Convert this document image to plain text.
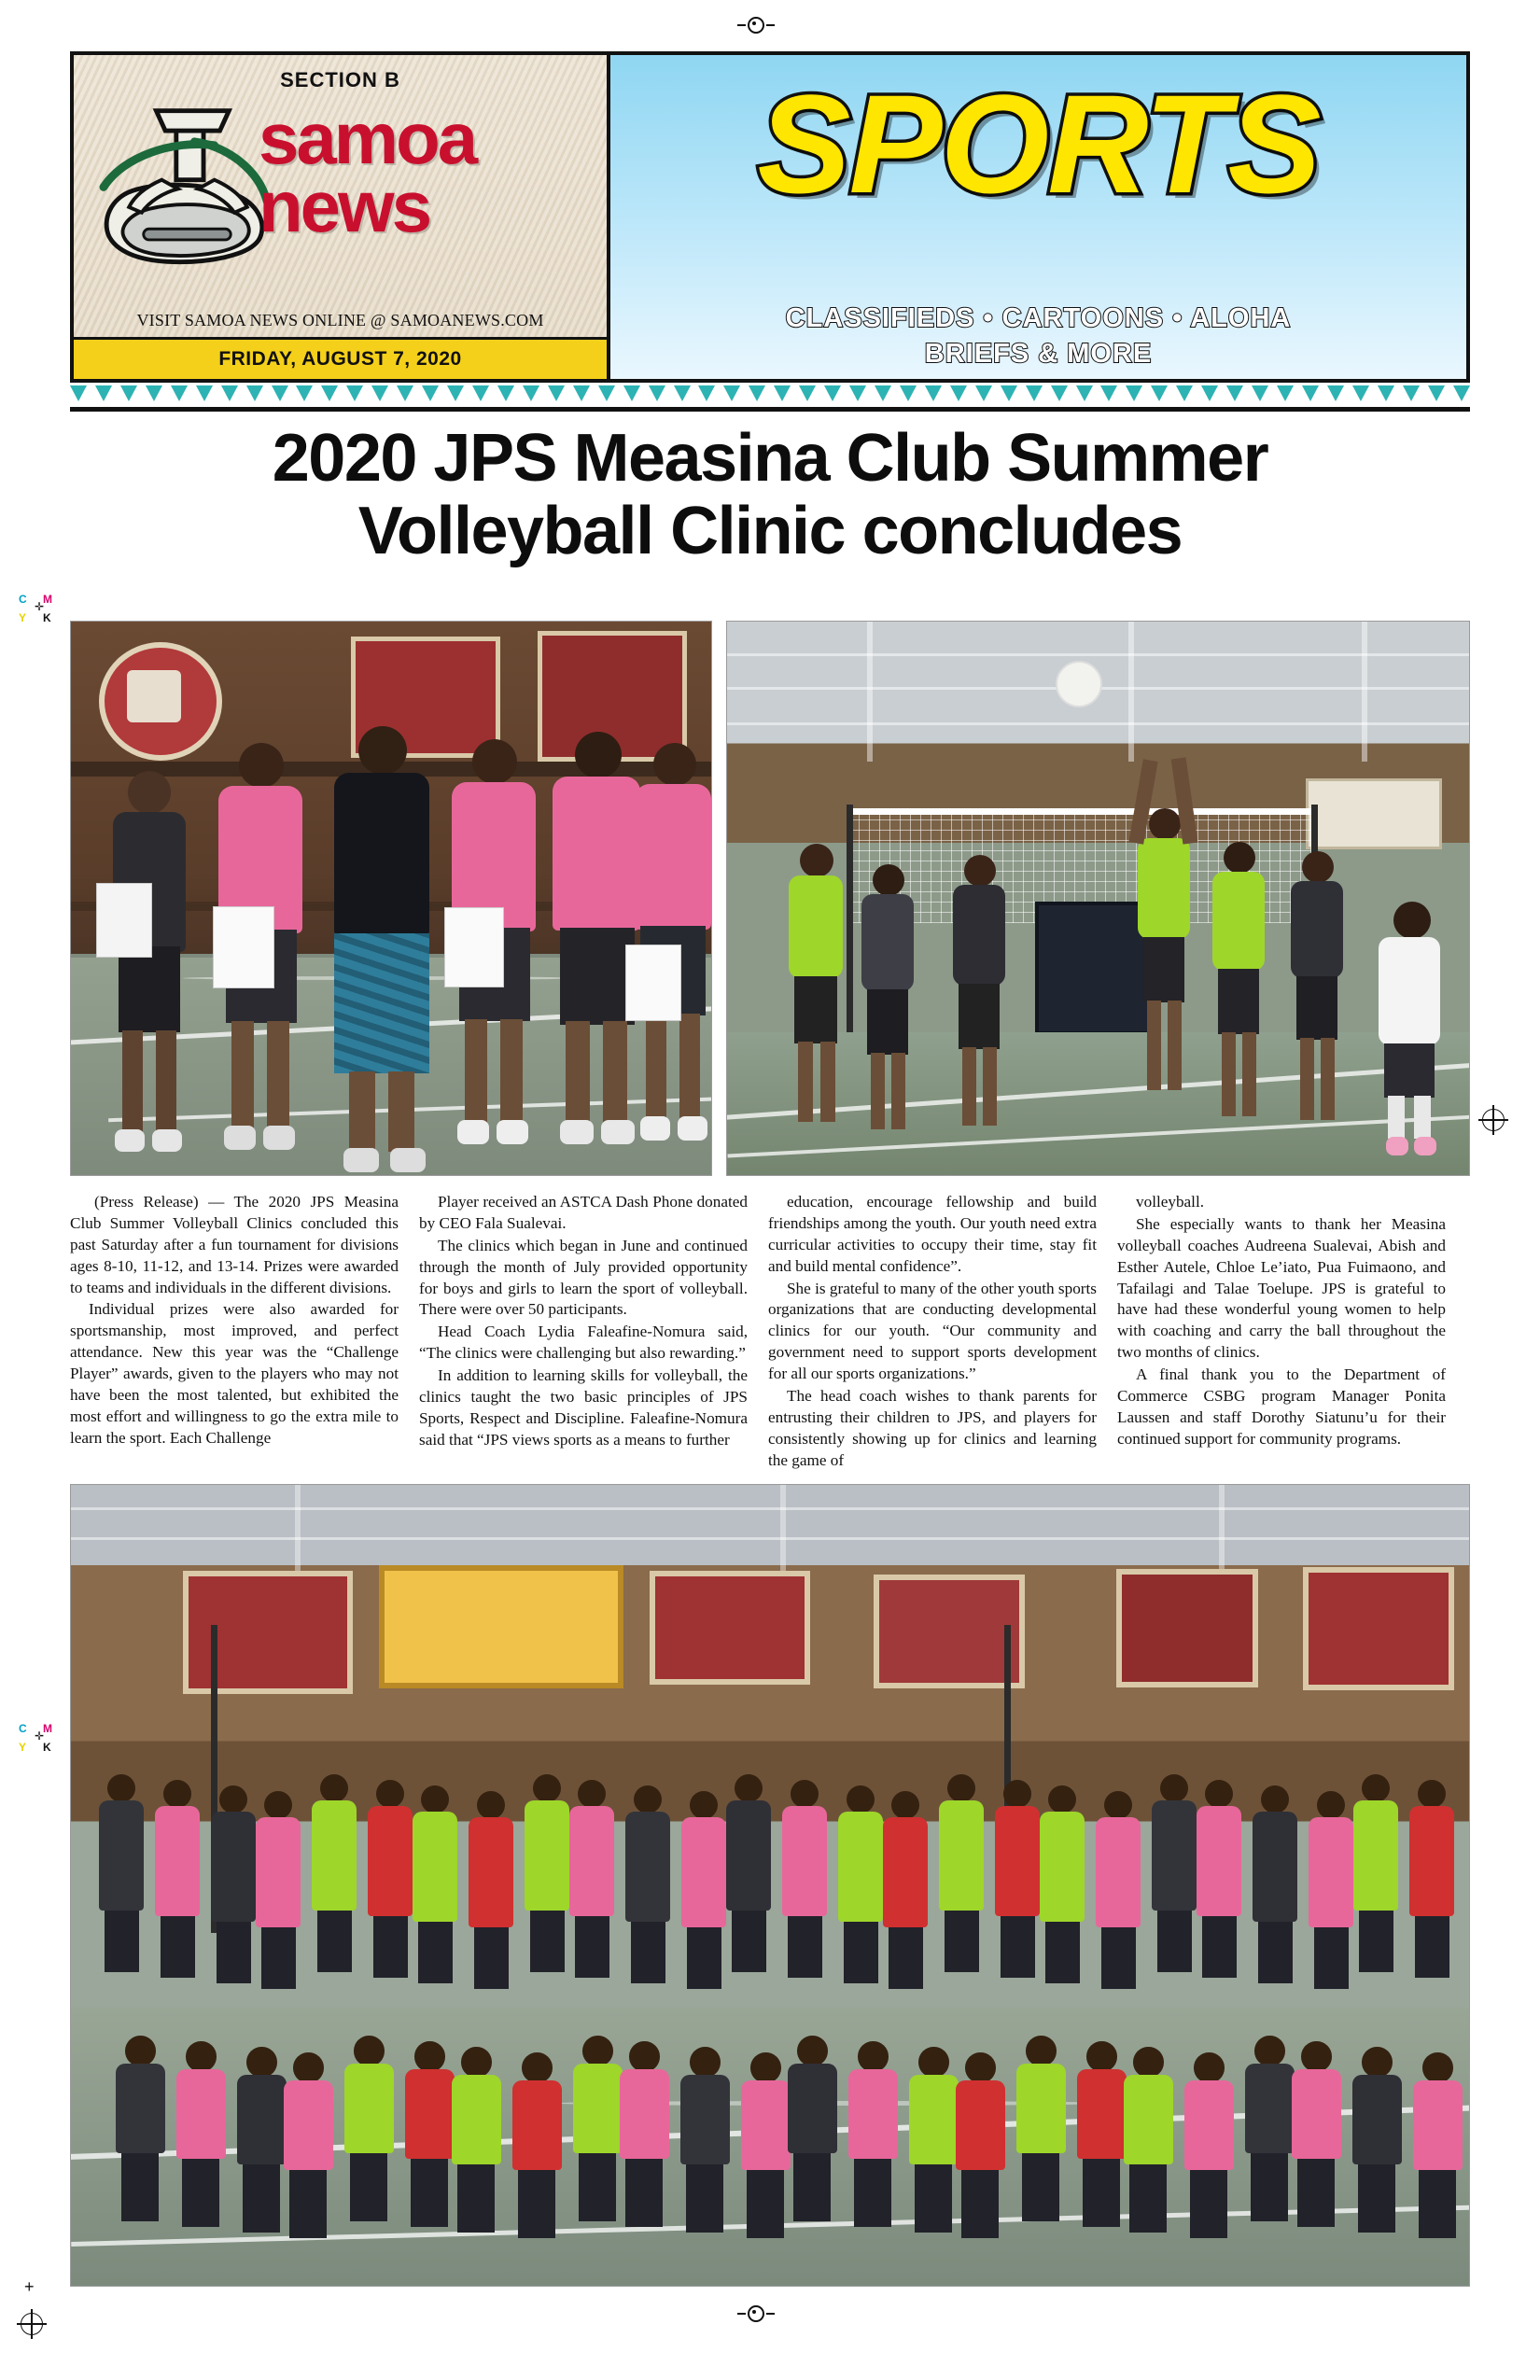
C M
Y K
✛
C M
Y K
✛
+
SECTION B
samoa
news
VISIT SAMOA NEWS ONLINE @ SAMOANEWS.COM
FRIDAY, AUGUST 7, 2020
SPORTS
CLASSIFIEDS • CARTOONS • ALOHA
BRIEFS & MORE
2020 JPS Measina Club Summer
Volleyball Clinic concludes

(Press Release) — The 2020 JPS Measina Club Summer Volleyball Clinics concluded this past Saturday after a fun tournament for divisions ages 8-10, 11-12, and 13-14. Prizes were awarded to teams and individuals in the different divisions.

Individual prizes were also awarded for sportsmanship, most improved, and perfect attendance. New this year was the “Challenge Player” awards, given to the players who may not have been the most talented, but exhibited the most effort and willingness to go the extra mile to learn the sport. Each Challenge

Player received an ASTCA Dash Phone donated by CEO Fala Sualevai.

The clinics which began in June and continued through the month of July provided opportunity for boys and girls to learn the sport of volleyball. There were over 50 participants.

Head Coach Lydia Faleafine-Nomura said, “The clinics were challenging but also rewarding.”

In addition to learning skills for volleyball, the clinics taught the two basic principles of JPS Sports, Respect and Discipline. Faleafine-Nomura said that “JPS views sports as a means to further

education, encourage fellowship and build friendships among the youth. Our youth need extra curricular activities to occupy their time, stay fit and build mental confidence”.

She is grateful to many of the other youth sports organizations that are conducting developmental clinics for our youth. “Our community and government need to support sports development for all our sports organizations.”

The head coach wishes to thank parents for entrusting their children to JPS, and players for consistently showing up for clinics and learning the game of

volleyball.

She especially wants to thank her Measina volleyball coaches Audreena Sualevai, Abish and Esther Autele, Chloe Le’iato, Pua Fuimaono, and Tafailagi and Talae Toelupe. JPS is grateful to have had these wonderful young women to help with coaching and carry the ball throughout the two months of clinics.

A final thank you to the Department of Commerce CSBG program Manager Ponita Laussen and staff Dorothy Siatunu’u for their continued support for community programs.
